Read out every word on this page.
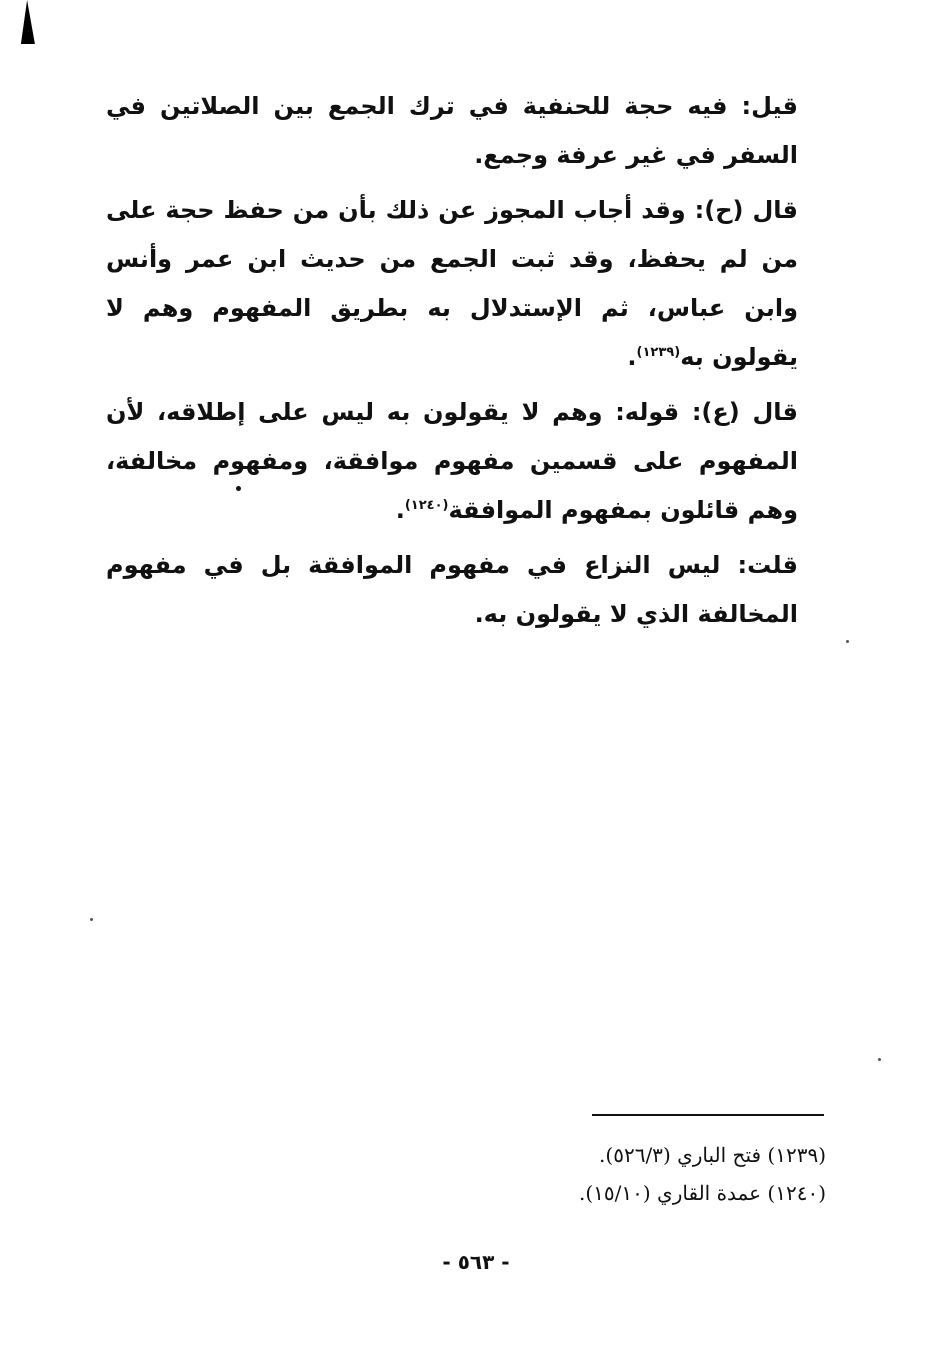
قيل: فيه حجة للحنفية في ترك الجمع بين الصلاتين في السفر في غير عرفة وجمع.

قال (ح): وقد أجاب المجوز عن ذلك بأن من حفظ حجة على من لم يحفظ، وقد ثبت الجمع من حديث ابن عمر وأنس وابن عباس، ثم الإستدلال به بطريق المفهوم وهم لا يقولون به$^{(١٢٣٩)}$.

قال (ع): قوله: وهم لا يقولون به ليس على إطلاقه، لأن المفهوم على قسمين مفهوم موافقة، ومفهوم مخالفة، وهم قائلون بمفهوم الموافقة$^{(١٢٤٠)}$.

قلت: ليس النزاع في مفهوم الموافقة بل في مفهوم المخالفة الذي لا يقولون به.

(١٢٣٩) فتح الباري (٥٢٦/٣).

(١٢٤٠) عمدة القاري (١٥/١٠).

- ٥٦٣ -
